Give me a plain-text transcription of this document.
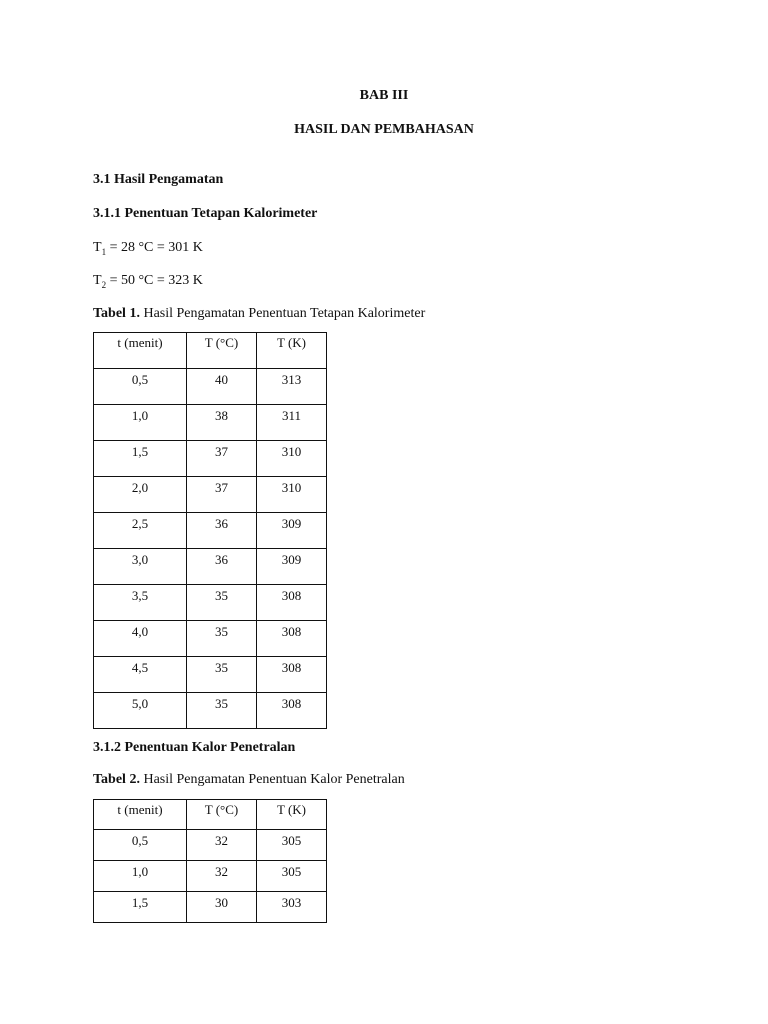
BAB III
HASIL DAN PEMBAHASAN
3.1 Hasil Pengamatan
3.1.1 Penentuan Tetapan Kalorimeter
$T_1 = 28$ °C = 301 K
$T_2 = 50$ °C = 323 K
Tabel 1. Hasil Pengamatan Penentuan Tetapan Kalorimeter
t (menit)	T (°C)	T (K)
0,5	40	313
1,0	38	311
1,5	37	310
2,0	37	310
2,5	36	309
3,0	36	309
3,5	35	308
4,0	35	308
4,5	35	308
5,0	35	308
3.1.2 Penentuan Kalor Penetralan
Tabel 2. Hasil Pengamatan Penentuan Kalor Penetralan
t (menit)	T (°C)	T (K)
0,5	32	305
1,0	32	305
1,5	30	303
